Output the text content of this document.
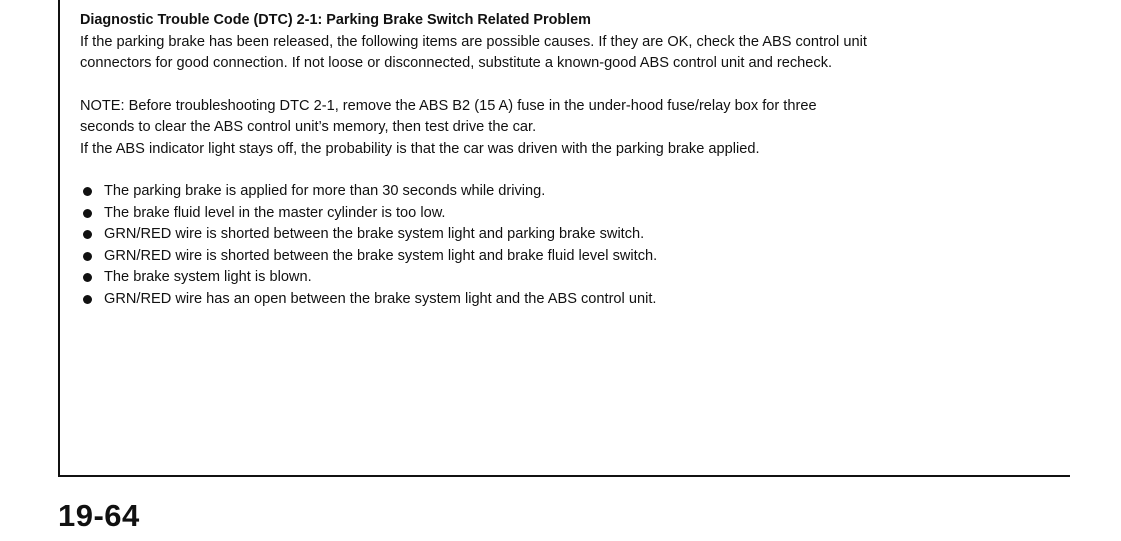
Diagnostic Trouble Code (DTC) 2-1: Parking Brake Switch Related Problem

If the parking brake has been released, the following items are possible causes. If they are OK, check the ABS control unit

connectors for good connection. If not loose or disconnected, substitute a known-good ABS control unit and recheck.

NOTE: Before troubleshooting DTC 2-1, remove the ABS B2 (15 A) fuse in the under-hood fuse/relay box for three

seconds to clear the ABS control unit’s memory, then test drive the car.

If the ABS indicator light stays off, the probability is that the car was driven with the parking brake applied.

The parking brake is applied for more than 30 seconds while driving.
The brake fluid level in the master cylinder is too low.
GRN/RED wire is shorted between the brake system light and parking brake switch.
GRN/RED wire is shorted between the brake system light and brake fluid level switch.
The brake system light is blown.
GRN/RED wire has an open between the brake system light and the ABS control unit.
19-64
